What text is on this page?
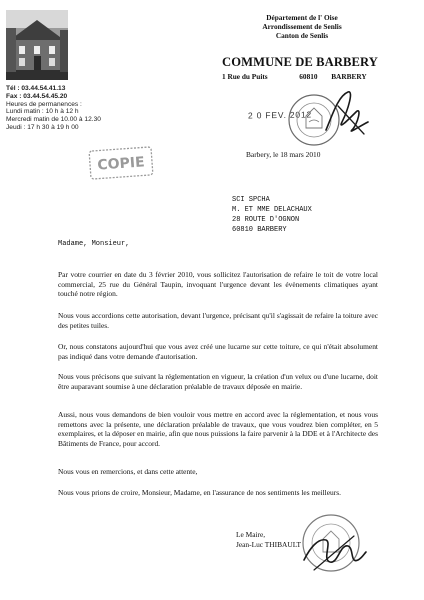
Tél : 03.44.54.41.13
Fax : 03.44.54.45.20
Heures de permanences :
Lundi matin : 10 h à 12 h
Mercredi matin de 10.00 à 12.30
Jeudi : 17 h 30 à 19 h 00
Département de l' Oise
Arrondissement de Senlis
Canton de Senlis
COMMUNE DE BARBERY
1 Rue du Puits	60810 BARBERY
2 0 FEV. 2012
COPIE	Barbery, le 18 mars 2010
SCI SPCHA
M. ET MME DELACHAUX
28 ROUTE D'OGNON
60810 BARBERY
Madame, Monsieur,

Par votre courrier en date du 3 février 2010, vous sollicitez l'autorisation de refaire le toit de votre local commercial, 25 rue du Général Taupin, invoquant l'urgence devant les évènements climatiques ayant touché notre région.

Nous vous accordions cette autorisation, devant l'urgence, précisant qu'il s'agissait de refaire la toiture avec des petites tuiles.

Or, nous constatons aujourd'hui que vous avez créé une lucarne sur cette toiture, ce qui n'était absolument pas indiqué dans votre demande d'autorisation.

Nous vous précisons que suivant la réglementation en vigueur, la création d'un velux ou d'une lucarne, doit être auparavant soumise à une déclaration préalable de travaux déposée en mairie.

Aussi, nous vous demandons de bien vouloir vous mettre en accord avec la réglementation, et nous vous remettons avec la présente, une déclaration préalable de travaux, que vous voudrez bien compléter, en 5 exemplaires, et la déposer en mairie, afin que nous puissions la faire parvenir à la DDE et à l'Architecte des Bâtiments de France, pour accord.

Nous vous en remercions, et dans cette attente,

Nous vous prions de croire, Monsieur, Madame, en l'assurance de nos sentiments les meilleurs.

Le Maire,
Jean-Luc THIBAULT
